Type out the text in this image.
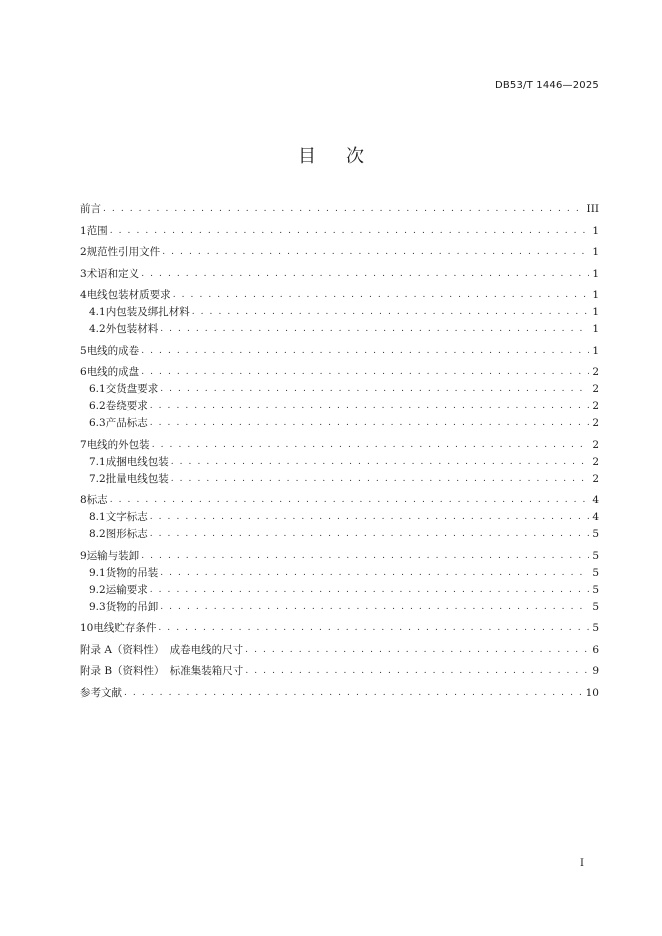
DB53/T 1446—2025
目次
前言 . . .	III
1 范围 . . .	1
2 规范性引用文件 . . .	1
3 术语和定义 . . .	1
4 电线包装材质要求 . . .	1
4.1 内包装及绑扎材料 . . .	1
4.2 外包装材料 . . .	1
5 电线的成卷 . . .	1
6 电线的成盘 . . .	2
6.1 交货盘要求 . . .	2
6.2 卷绕要求 . . .	2
6.3 产品标志 . . .	2
7 电线的外包装 . . .	2
7.1 成捆电线包装 . . .	2
7.2 批量电线包装 . . .	2
8 标志 . . .	4
8.1 文字标志 . . .	4
8.2 图形标志 . . .	5
9 运输与装卸 . . .	5
9.1 货物的吊装 . . .	5
9.2 运输要求 . . .	5
9.3 货物的吊卸 . . .	5
10 电线贮存条件 . . .	5
附录 A（资料性）　成卷电线的尺寸 . . .	6
附录 B（资料性）　标准集装箱尺寸 . . .	9
参考文献 . . .	10
I
